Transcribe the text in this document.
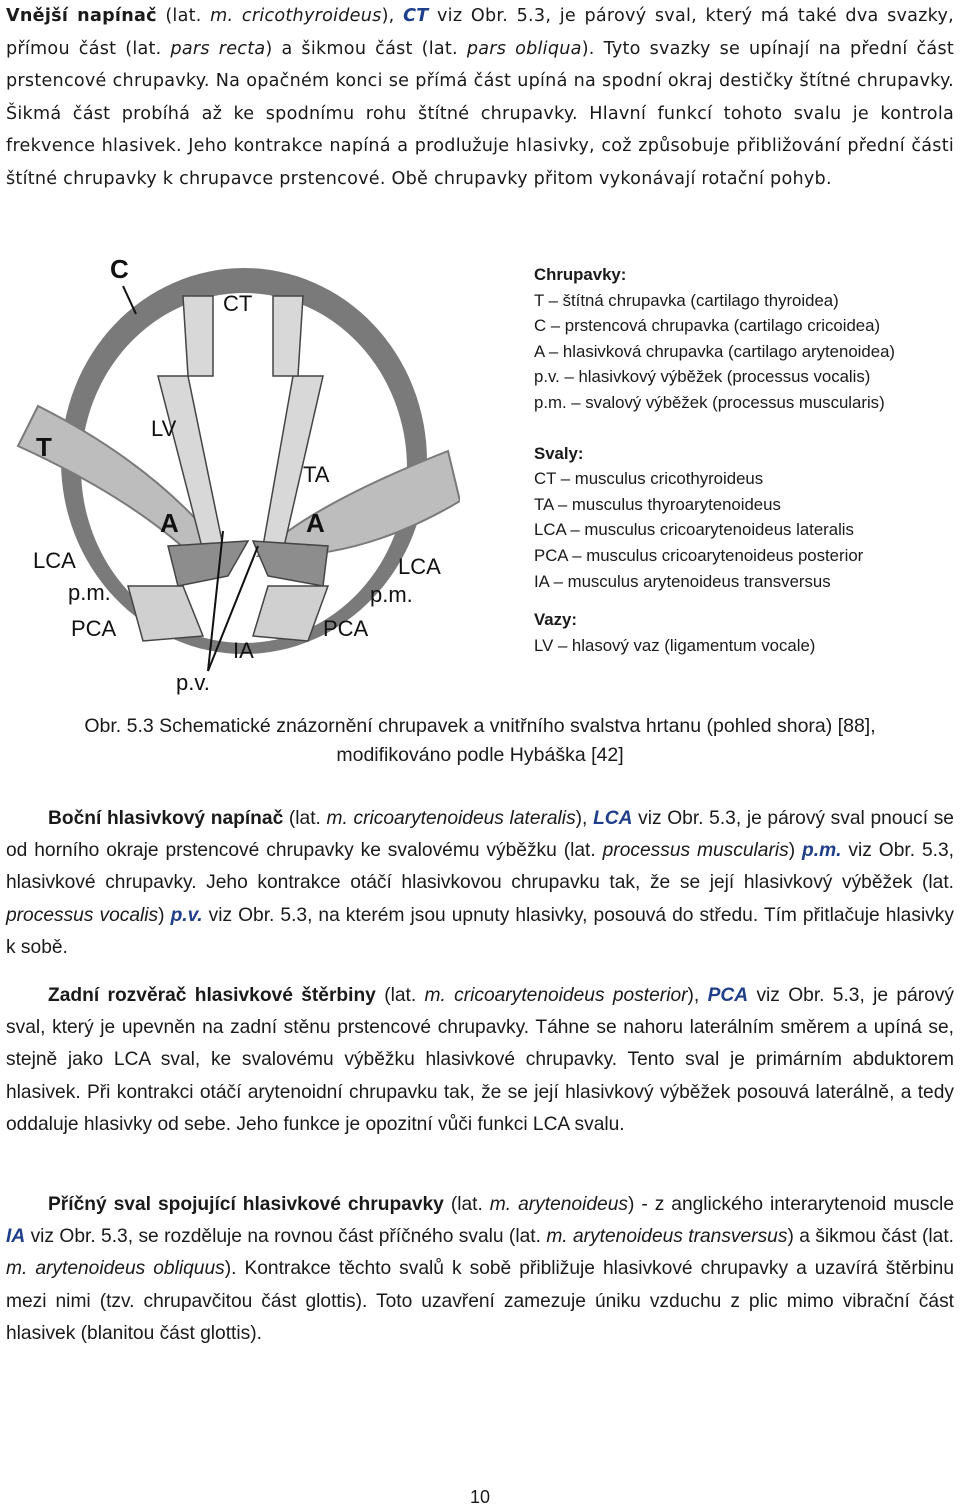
Vnější napínač (lat. m. cricothyroideus), CT viz Obr. 5.3, je párový sval, který má také dva svazky, přímou část (lat. pars recta) a šikmou část (lat. pars obliqua). Tyto svazky se upínají na přední část prstencové chrupavky. Na opačném konci se přímá část upíná na spodní okraj destičky štítné chrupavky. Šikmá část probíhá až ke spodnímu rohu štítné chrupavky. Hlavní funkcí tohoto svalu je kontrola frekvence hlasivek. Jeho kontrakce napíná a prodlužuje hlasivky, což způsobuje přibližování přední části štítné chrupavky k chrupavce prstencové. Obě chrupavky přitom vykonávají rotační pohyb.

C
T
CT
LV
TA
A	A
LCA	LCA
p.m.	p.m.
PCA	PCA
IA
p.v.
Chrupavky:
T – štítná chrupavka (cartilago thyroidea)
C – prstencová chrupavka (cartilago cricoidea)
A – hlasivková chrupavka (cartilago arytenoidea)
p.v. – hlasivkový výběžek (processus vocalis)
p.m. – svalový výběžek (processus muscularis)
Svaly:
CT – musculus cricothyroideus
TA – musculus thyroarytenoideus
LCA – musculus cricoarytenoideus lateralis
PCA – musculus cricoarytenoideus posterior
IA – musculus arytenoideus transversus
Vazy:
LV – hlasový vaz (ligamentum vocale)
Obr. 5.3 Schematické znázornění chrupavek a vnitřního svalstva hrtanu (pohled shora) [88],
modifikováno podle Hybáška [42]

Boční hlasivkový napínač (lat. m. cricoarytenoideus lateralis), LCA viz Obr. 5.3, je párový sval pnoucí se od horního okraje prstencové chrupavky ke svalovému výběžku (lat. processus muscularis) p.m. viz Obr. 5.3, hlasivkové chrupavky. Jeho kontrakce otáčí hlasivkovou chrupavku tak, že se její hlasivkový výběžek (lat. processus vocalis) p.v. viz Obr. 5.3, na kterém jsou upnuty hlasivky, posouvá do středu. Tím přitlačuje hlasivky k sobě.

Zadní rozvěrač hlasivkové štěrbiny (lat. m. cricoarytenoideus posterior), PCA viz Obr. 5.3, je párový sval, který je upevněn na zadní stěnu prstencové chrupavky. Táhne se nahoru laterálním směrem a upíná se, stejně jako LCA sval, ke svalovému výběžku hlasivkové chrupavky. Tento sval je primárním abduktorem hlasivek. Při kontrakci otáčí arytenoidní chrupavku tak, že se její hlasivkový výběžek posouvá laterálně, a tedy oddaluje hlasivky od sebe. Jeho funkce je opozitní vůči funkci LCA svalu.

Příčný sval spojující hlasivkové chrupavky (lat. m. arytenoideus) - z anglického interarytenoid muscle IA viz Obr. 5.3, se rozděluje na rovnou část příčného svalu (lat. m. arytenoideus transversus) a šikmou část (lat. m. arytenoideus obliquus). Kontrakce těchto svalů k sobě přibližuje hlasivkové chrupavky a uzavírá štěrbinu mezi nimi (tzv. chrupavčitou část glottis). Toto uzavření zamezuje úniku vzduchu z plic mimo vibrační část hlasivek (blanitou část glottis).

10
